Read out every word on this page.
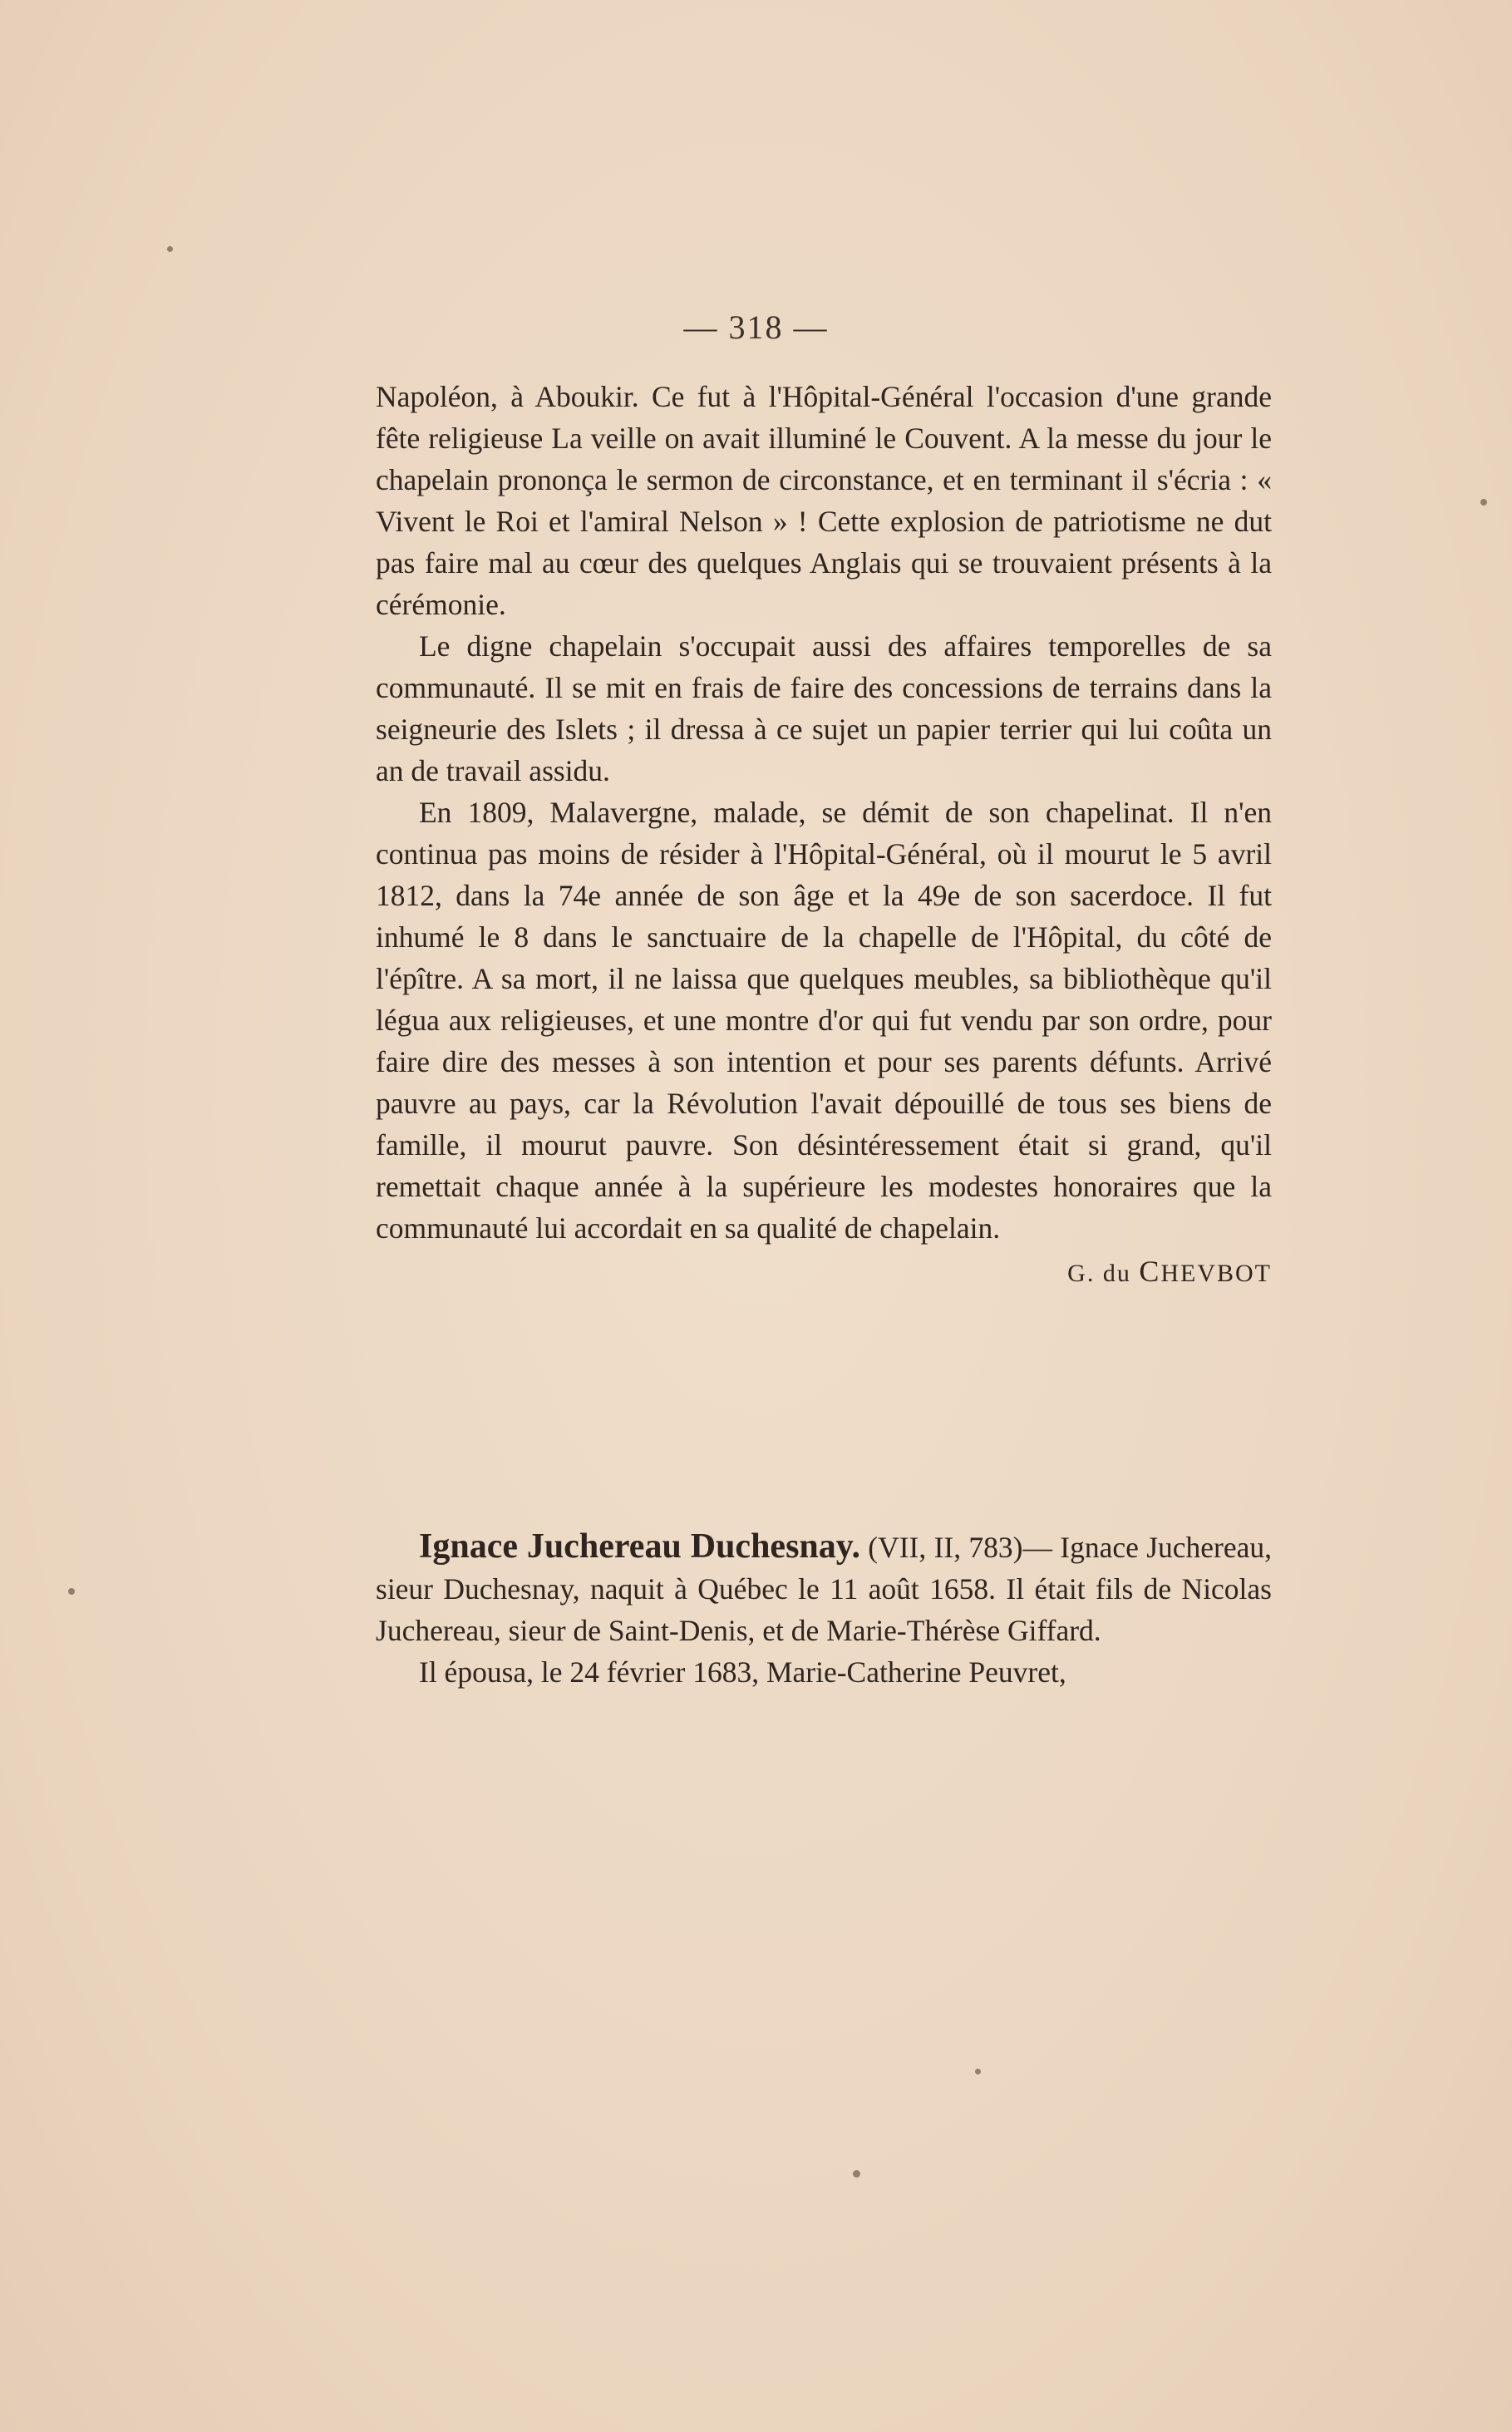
— 318 —

Napoléon, à Aboukir. Ce fut à l'Hôpital-Général l'occasion d'une grande fête religieuse La veille on avait illuminé le Couvent. A la messe du jour le chapelain prononça le sermon de circonstance, et en terminant il s'écria : « Vivent le Roi et l'amiral Nelson » ! Cette explosion de patriotisme ne dut pas faire mal au cœur des quelques Anglais qui se trouvaient présents à la cérémonie.

Le digne chapelain s'occupait aussi des affaires temporelles de sa communauté. Il se mit en frais de faire des concessions de terrains dans la seigneurie des Islets ; il dressa à ce sujet un papier terrier qui lui coûta un an de travail assidu.

En 1809, Malavergne, malade, se démit de son chapelinat. Il n'en continua pas moins de résider à l'Hôpital-Général, où il mourut le 5 avril 1812, dans la 74e année de son âge et la 49e de son sacerdoce. Il fut inhumé le 8 dans le sanctuaire de la chapelle de l'Hôpital, du côté de l'épître. A sa mort, il ne laissa que quelques meubles, sa bibliothèque qu'il légua aux religieuses, et une montre d'or qui fut vendu par son ordre, pour faire dire des messes à son intention et pour ses parents défunts. Arrivé pauvre au pays, car la Révolution l'avait dépouillé de tous ses biens de famille, il mourut pauvre. Son désintéressement était si grand, qu'il remettait chaque année à la supérieure les modestes honoraires que la communauté lui accordait en sa qualité de chapelain.

G. du CHEVBOT

Ignace Juchereau Duchesnay. (VII, II, 783)— Ignace Juchereau, sieur Duchesnay, naquit à Québec le 11 août 1658. Il était fils de Nicolas Juchereau, sieur de Saint-Denis, et de Marie-Thérèse Giffard.

Il épousa, le 24 février 1683, Marie-Catherine Peuvret,
